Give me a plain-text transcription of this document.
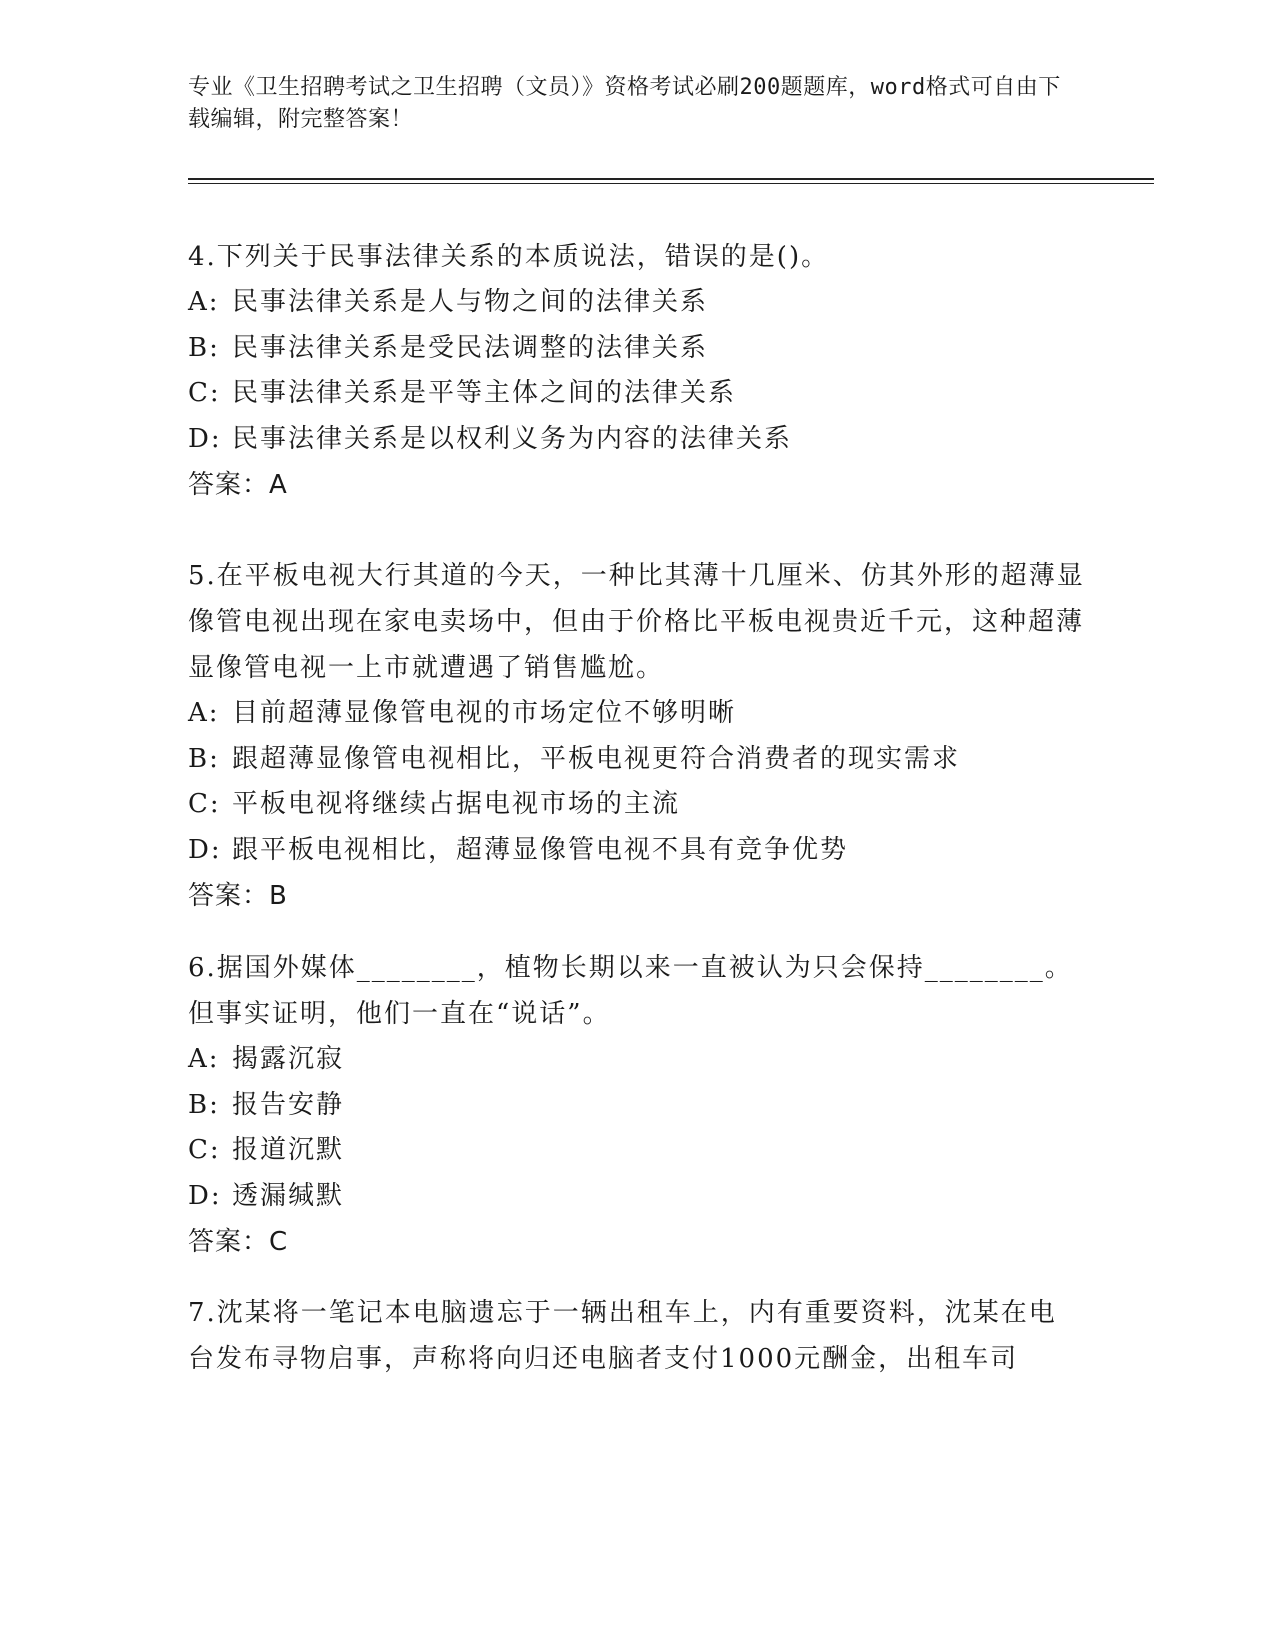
专业《卫生招聘考试之卫生招聘（文员）》资格考试必刷200题题库，word格式可自由下载编辑，附完整答案！

4.下列关于民事法律关系的本质说法，错误的是()。

A: 民事法律关系是人与物之间的法律关系

B: 民事法律关系是受民法调整的法律关系

C: 民事法律关系是平等主体之间的法律关系

D: 民事法律关系是以权利义务为内容的法律关系

答案：A

5.在平板电视大行其道的今天，一种比其薄十几厘米、仿其外形的超薄显像管电视出现在家电卖场中，但由于价格比平板电视贵近千元，这种超薄显像管电视一上市就遭遇了销售尴尬。

A: 目前超薄显像管电视的市场定位不够明晰

B: 跟超薄显像管电视相比，平板电视更符合消费者的现实需求

C: 平板电视将继续占据电视市场的主流

D: 跟平板电视相比，超薄显像管电视不具有竞争优势

答案：B

6.据国外媒体________，植物长期以来一直被认为只会保持________。但事实证明，他们一直在“说话”。

A: 揭露沉寂

B: 报告安静

C: 报道沉默

D: 透漏缄默

答案：C

7.沈某将一笔记本电脑遗忘于一辆出租车上，内有重要资料，沈某在电台发布寻物启事，声称将向归还电脑者支付1000元酬金，出租车司
